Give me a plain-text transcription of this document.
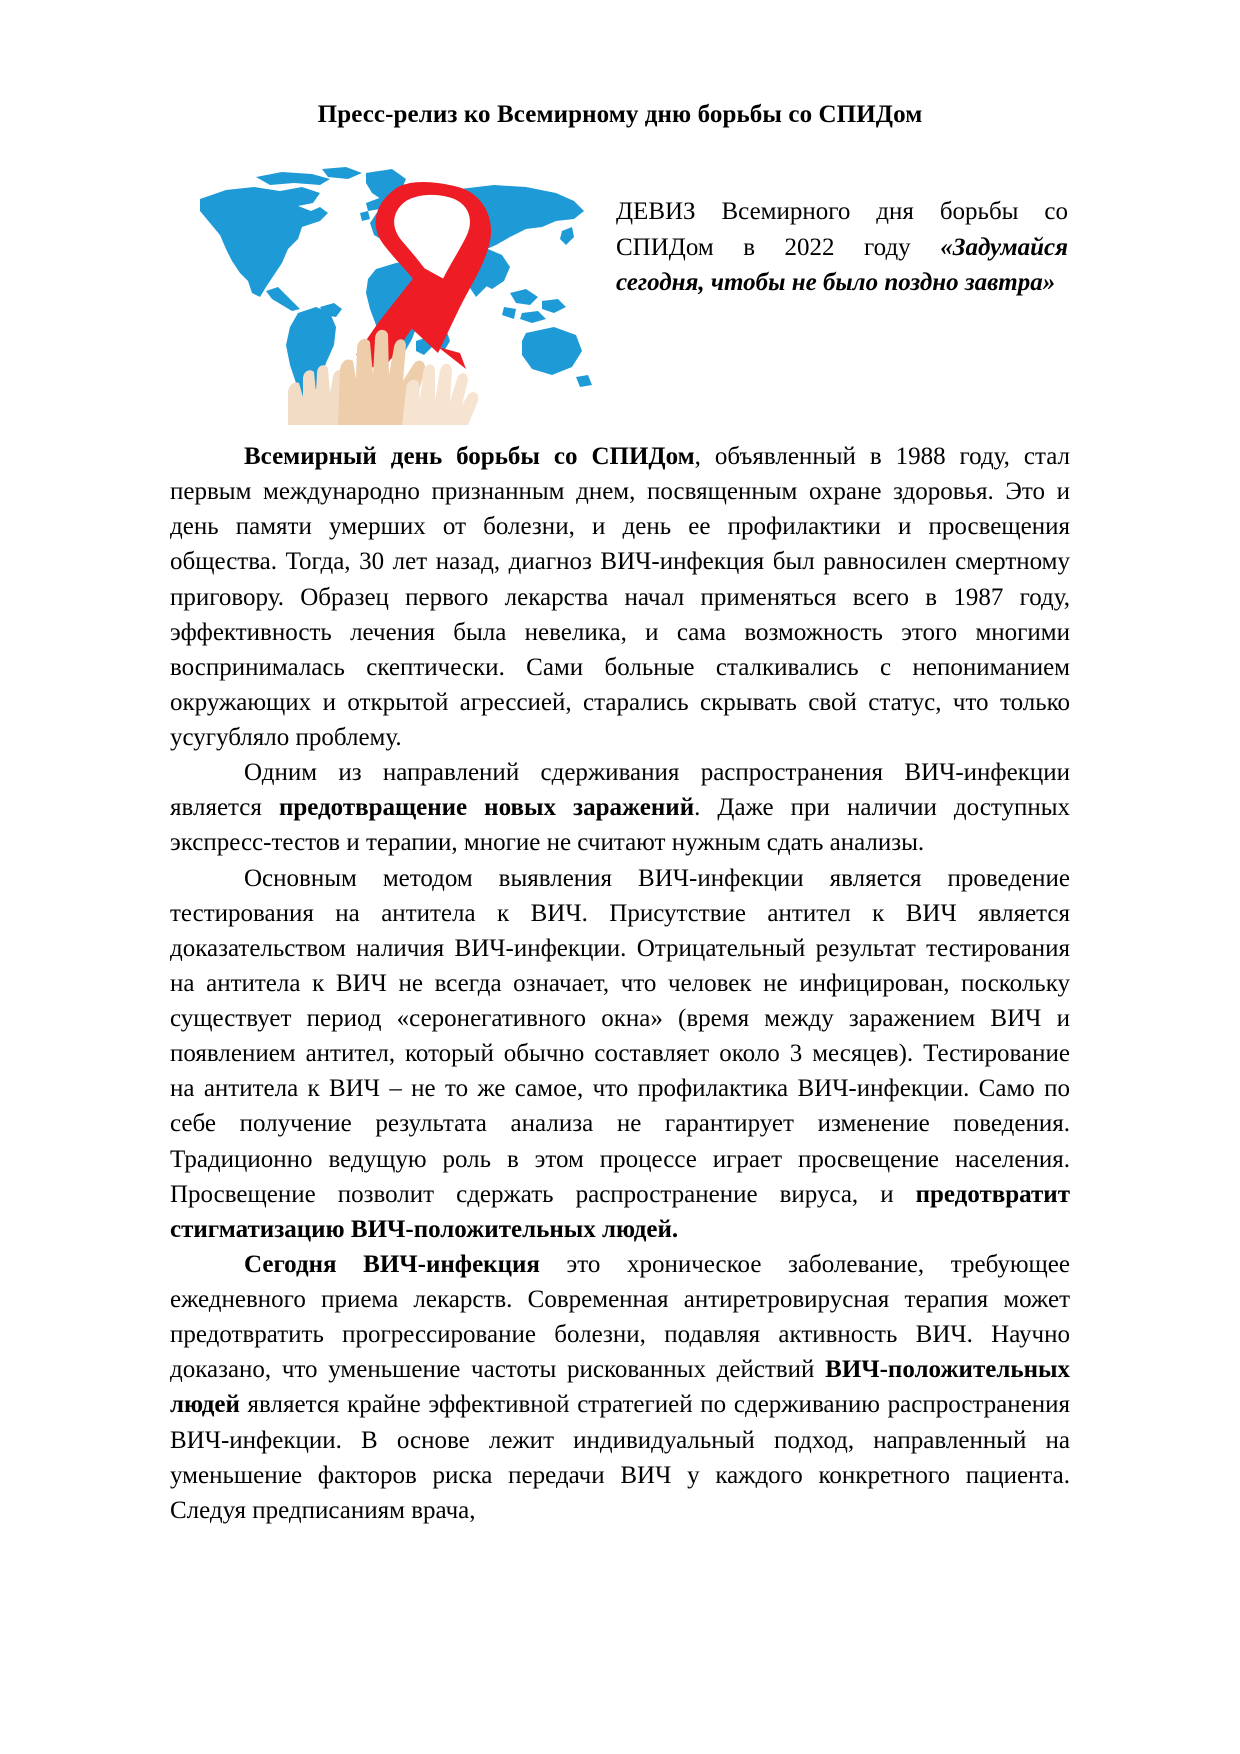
Пресс-релиз ко Всемирному дню борьбы со СПИДом

ДЕВИЗ Всемирного дня борьбы со СПИДом в 2022 году «Задумайся сегодня, чтобы не было поздно завтра»

Всемирный день борьбы со СПИДом, объявленный в 1988 году, стал первым международно признанным днем, посвященным охране здоровья. Это и день памяти умерших от болезни, и день ее профилактики и просвещения общества. Тогда, 30 лет назад, диагноз ВИЧ-инфекция был равносилен смертному приговору. Образец первого лекарства начал применяться всего в 1987 году, эффективность лечения была невелика, и сама возможность этого многими воспринималась скептически. Сами больные сталкивались с непониманием окружающих и открытой агрессией, старались скрывать свой статус, что только усугубляло проблему.

Одним из направлений сдерживания распространения ВИЧ-инфекции является предотвращение новых заражений. Даже при наличии доступных экспресс-тестов и терапии, многие не считают нужным сдать анализы.

Основным методом выявления ВИЧ-инфекции является проведение тестирования на антитела к ВИЧ. Присутствие антител к ВИЧ является доказательством наличия ВИЧ-инфекции. Отрицательный результат тестирования на антитела к ВИЧ не всегда означает, что человек не инфицирован, поскольку существует период «серонегативного окна» (время между заражением ВИЧ и появлением антител, который обычно составляет около 3 месяцев). Тестирование на антитела к ВИЧ – не то же самое, что профилактика ВИЧ-инфекции. Само по себе получение результата анализа не гарантирует изменение поведения. Традиционно ведущую роль в этом процессе играет просвещение населения. Просвещение позволит сдержать распространение вируса, и предотвратит стигматизацию ВИЧ-положительных людей.

Сегодня ВИЧ-инфекция это хроническое заболевание, требующее ежедневного приема лекарств. Современная антиретровирусная терапия может предотвратить прогрессирование болезни, подавляя активность ВИЧ. Научно доказано, что уменьшение частоты рискованных действий ВИЧ-положительных людей является крайне эффективной стратегией по сдерживанию распространения ВИЧ-инфекции. В основе лежит индивидуальный подход, направленный на уменьшение факторов риска передачи ВИЧ у каждого конкретного пациента. Следуя предписаниям врача,
